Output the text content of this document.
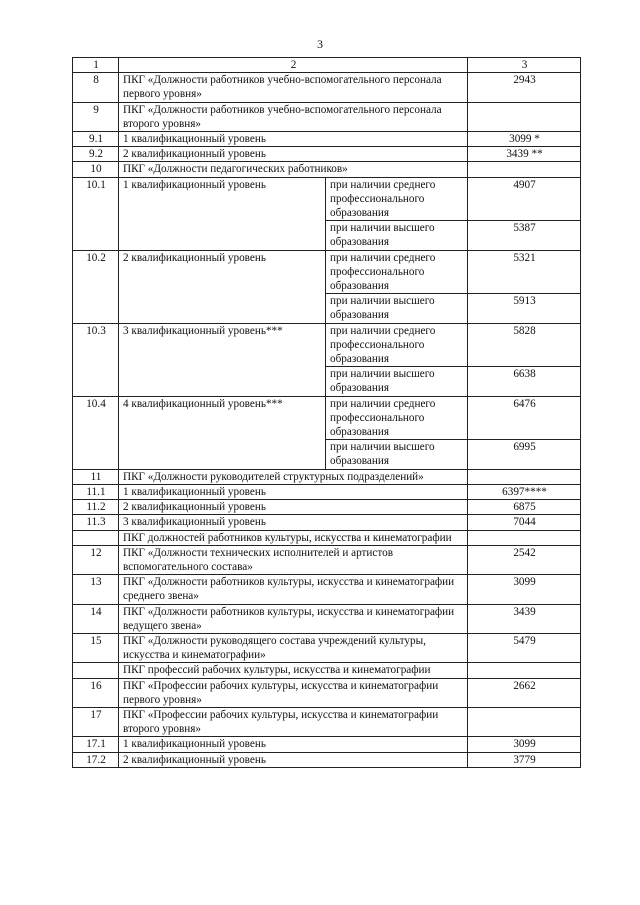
3
1	2		3
8	ПКГ «Должности работников учебно-вспомогательного персонала первого уровня»		2943
9	ПКГ «Должности работников учебно-вспомогательного персонала второго уровня»		
9.1	1 квалификационный уровень		3099 *
9.2	2 квалификационный уровень		3439 **
10	ПКГ «Должности педагогических работников»		
10.1	1 квалификационный уровень	при наличии среднего профессионального образования	4907
		при наличии высшего образования	5387
10.2	2 квалификационный уровень	при наличии среднего профессионального образования	5321
		при наличии высшего образования	5913
10.3	3 квалификационный уровень***	при наличии среднего профессионального образования	5828
		при наличии высшего образования	6638
10.4	4 квалификационный уровень***	при наличии среднего профессионального образования	6476
		при наличии высшего образования	6995
11	ПКГ «Должности руководителей структурных подразделений»		
11.1	1 квалификационный уровень		6397****
11.2	2 квалификационный уровень		6875
11.3	3 квалификационный уровень		7044
	ПКГ должностей работников культуры, искусства и кинематографии		
12	ПКГ «Должности технических исполнителей и артистов вспомогательного состава»		2542
13	ПКГ «Должности работников культуры, искусства и кинематографии среднего звена»		3099
14	ПКГ «Должности работников культуры, искусства и кинематографии ведущего звена»		3439
15	ПКГ «Должности руководящего состава учреждений культуры, искусства и кинематографии»		5479
	ПКГ профессий рабочих культуры, искусства и кинематографии		
16	ПКГ «Профессии рабочих культуры, искусства и кинематографии первого уровня»		2662
17	ПКГ «Профессии рабочих культуры, искусства и кинематографии второго уровня»		
17.1	1 квалификационный уровень		3099
17.2	2 квалификационный уровень		3779
